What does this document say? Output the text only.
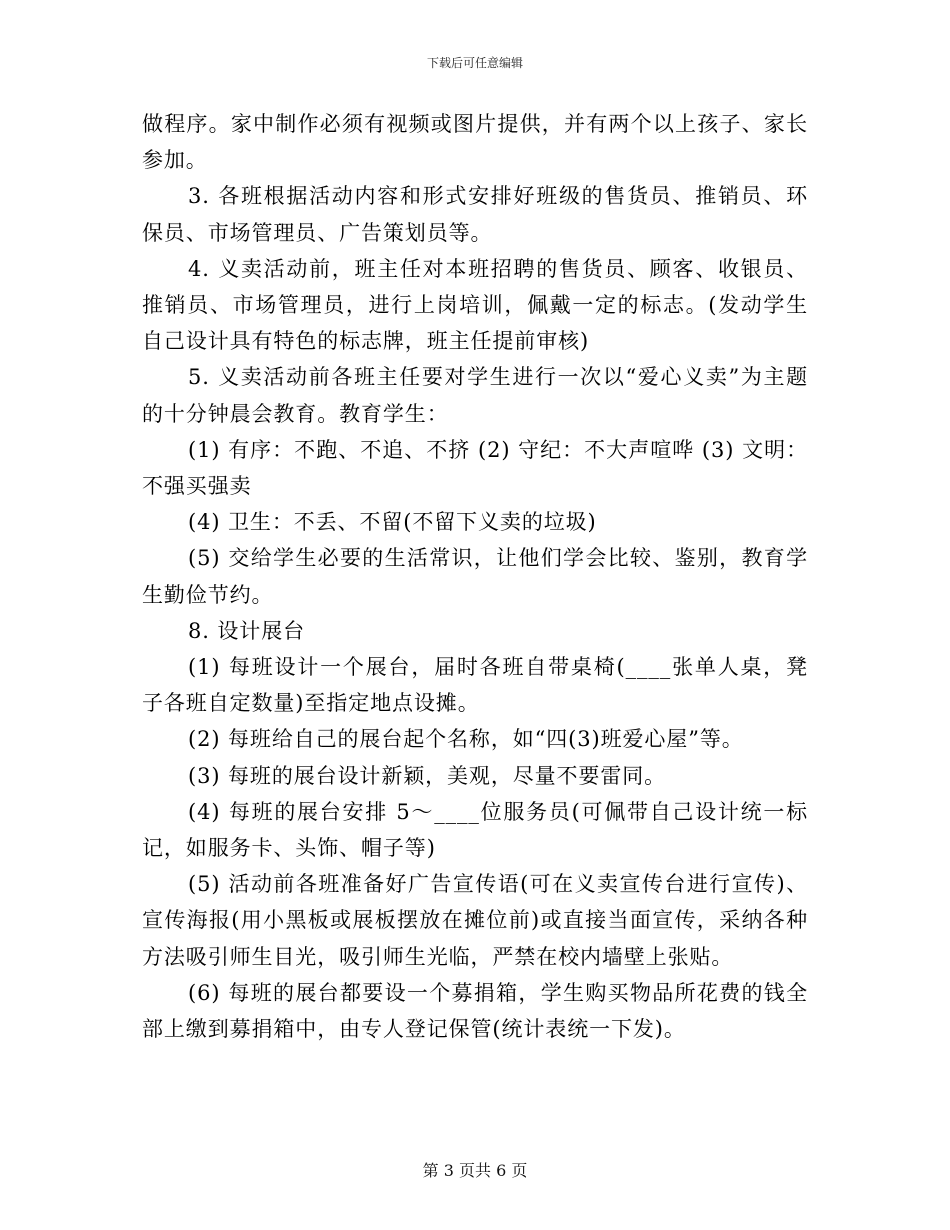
下载后可任意编辑

做程序。家中制作必须有视频或图片提供，并有两个以上孩子、家长参加。

3. 各班根据活动内容和形式安排好班级的售货员、推销员、环保员、市场管理员、广告策划员等。

4. 义卖活动前，班主任对本班招聘的售货员、顾客、收银员、推销员、市场管理员，进行上岗培训，佩戴一定的标志。(发动学生自己设计具有特色的标志牌，班主任提前审核)

5. 义卖活动前各班主任要对学生进行一次以“爱心义卖”为主题的十分钟晨会教育。教育学生：

(1) 有序：不跑、不追、不挤 (2) 守纪：不大声喧哗 (3) 文明：不强买强卖

(4) 卫生：不丢、不留(不留下义卖的垃圾)

(5) 交给学生必要的生活常识，让他们学会比较、鉴别，教育学生勤俭节约。

8. 设计展台

(1) 每班设计一个展台，届时各班自带桌椅(____张单人桌，凳子各班自定数量)至指定地点设摊。

(2) 每班给自己的展台起个名称，如“四(3)班爱心屋”等。

(3) 每班的展台设计新颖，美观，尽量不要雷同。

(4) 每班的展台安排 5～____位服务员(可佩带自己设计统一标记，如服务卡、头饰、帽子等)

(5) 活动前各班准备好广告宣传语(可在义卖宣传台进行宣传)、宣传海报(用小黑板或展板摆放在摊位前)或直接当面宣传，采纳各种方法吸引师生目光，吸引师生光临，严禁在校内墙壁上张贴。

(6) 每班的展台都要设一个募捐箱，学生购买物品所花费的钱全部上缴到募捐箱中，由专人登记保管(统计表统一下发)。

第 3 页共 6 页
